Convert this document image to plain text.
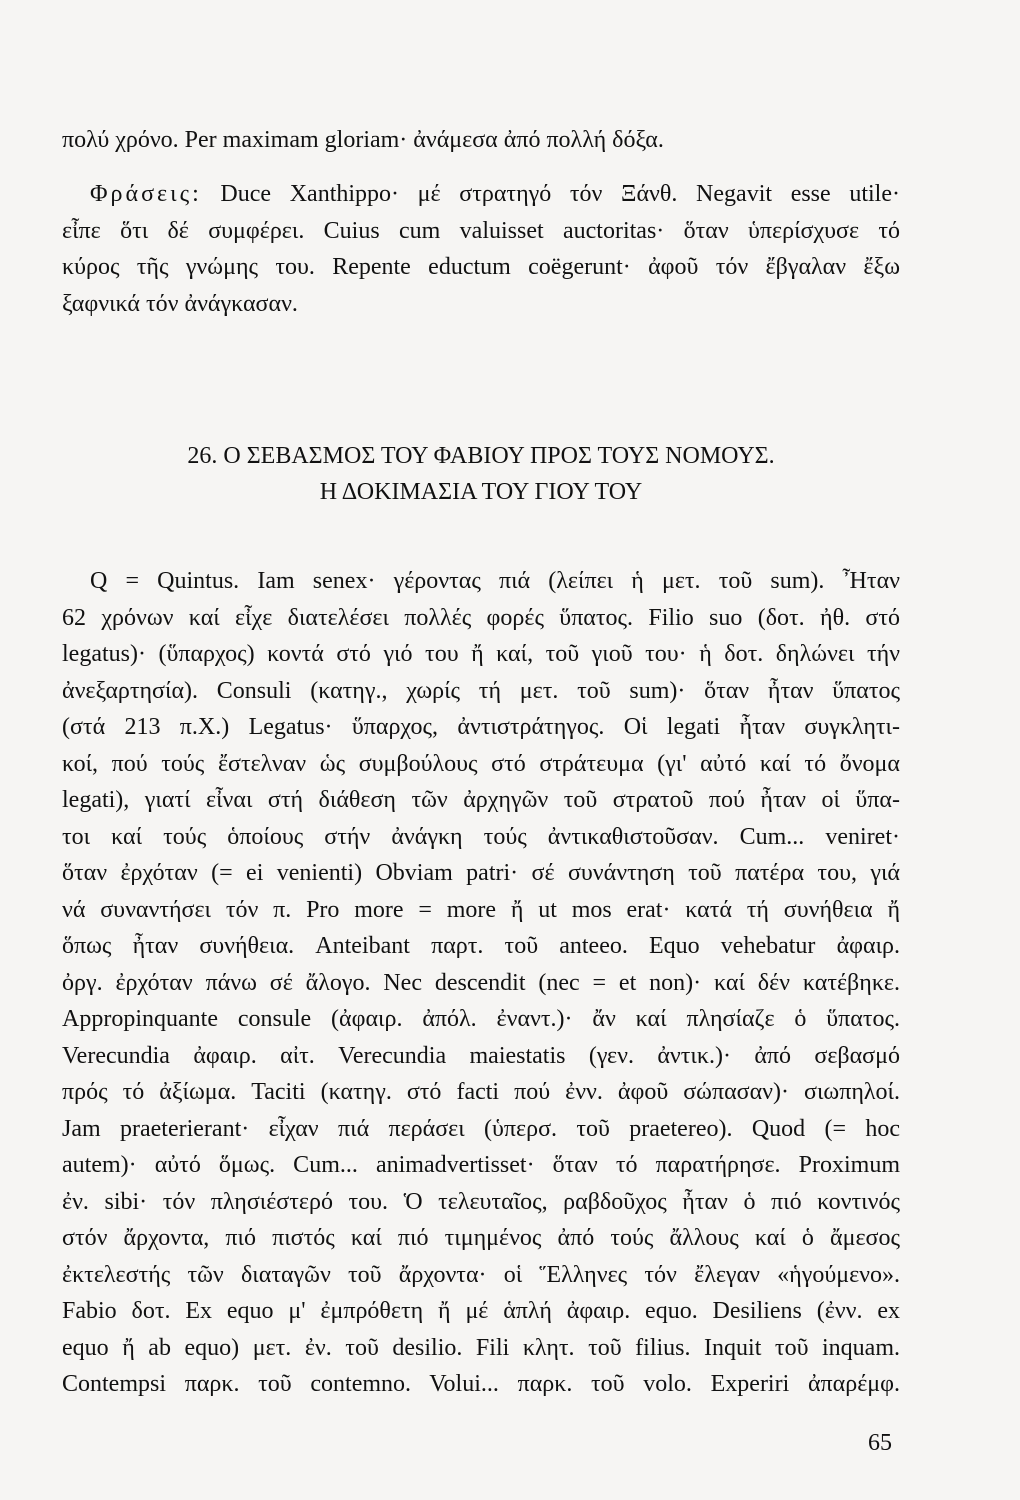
πολύ χρόνο. Per maximam gloriam· ἀνάμεσα ἀπό πολλή δόξα.
Φράσεις: Duce Xanthippo· μέ στρατηγό τόν Ξάνθ. Negavit esse utile·
εἶπε ὅτι δέ συμφέρει. Cuius cum valuisset auctoritas· ὅταν ὑπερίσχυσε τό
κύρος τῆς γνώμης του. Repente eductum coëgerunt· ἀφοῦ τόν ἔβγαλαν ἔξω
ξαφνικά τόν ἀνάγκασαν.
26. Ο ΣΕΒΑΣΜΟΣ ΤΟΥ ΦΑΒΙΟΥ ΠΡΟΣ ΤΟΥΣ ΝΟΜΟΥΣ.
Η ΔΟΚΙΜΑΣΙΑ ΤΟΥ ΓΙΟΥ ΤΟΥ
Q = Quintus. Iam senex· γέροντας πιά (λείπει ἡ μετ. τοῦ sum). Ἦταν
62 χρόνων καί εἶχε διατελέσει πολλές φορές ὕπατος. Filio suo (δοτ. ἠθ. στό
legatus)· (ὕπαρχος) κοντά στό γιό του ἤ καί, τοῦ γιοῦ του· ἡ δοτ. δηλώνει τήν
ἀνεξαρτησία). Consuli (κατηγ., χωρίς τή μετ. τοῦ sum)· ὅταν ἦταν ὕπατος
(στά 213 π.Χ.) Legatus· ὕπαρχος, ἀντιστράτηγος. Οἱ legati ἦταν συγκλητι-
κοί, πού τούς ἔστελναν ὡς συμβούλους στό στράτευμα (γι' αὐτό καί τό ὄνομα
legati), γιατί εἶναι στή διάθεση τῶν ἀρχηγῶν τοῦ στρατοῦ πού ἦταν οἱ ὕπα-
τοι καί τούς ὁποίους στήν ἀνάγκη τούς ἀντικαθιστοῦσαν. Cum... veniret·
ὅταν ἐρχόταν (= ei venienti) Obviam patri· σέ συνάντηση τοῦ πατέρα του, γιά
νά συναντήσει τόν π. Pro more = more ἤ ut mos erat· κατά τή συνήθεια ἤ
ὅπως ἦταν συνήθεια. Anteibant παρτ. τοῦ anteeo. Equo vehebatur ἀφαιρ.
ὀργ. ἐρχόταν πάνω σέ ἄλογο. Nec descendit (nec = et non)· καί δέν κατέβηκε.
Appropinquante consule (ἀφαιρ. ἀπόλ. ἐναντ.)· ἄν καί πλησίαζε ὁ ὕπατος.
Verecundia ἀφαιρ. αἰτ. Verecundia maiestatis (γεν. ἀντικ.)· ἀπό σεβασμό
πρός τό ἀξίωμα. Taciti (κατηγ. στό facti πού ἐνν. ἀφοῦ σώπασαν)· σιωπηλοί.
Jam praeterierant· εἶχαν πιά περάσει (ὑπερσ. τοῦ praetereo). Quod (= hoc
autem)· αὐτό ὅμως. Cum... animadvertisset· ὅταν τό παρατήρησε. Proximum
ἐν. sibi· τόν πλησιέστερό του. Ὁ τελευταῖος, ραβδοῦχος ἦταν ὁ πιό κοντινός
στόν ἄρχοντα, πιό πιστός καί πιό τιμημένος ἀπό τούς ἄλλους καί ὁ ἄμεσος
ἐκτελεστής τῶν διαταγῶν τοῦ ἄρχοντα· οἱ Ἕλληνες τόν ἔλεγαν «ἡγούμενο».
Fabio δοτ. Ex equo μ' ἐμπρόθετη ἤ μέ ἁπλή ἀφαιρ. equo. Desiliens (ἐνν. ex
equo ἤ ab equo) μετ. ἐν. τοῦ desilio. Fili κλητ. τοῦ filius. Inquit τοῦ inquam.
Contempsi παρκ. τοῦ contemno. Volui... παρκ. τοῦ volo. Experiri ἀπαρέμφ.
65
